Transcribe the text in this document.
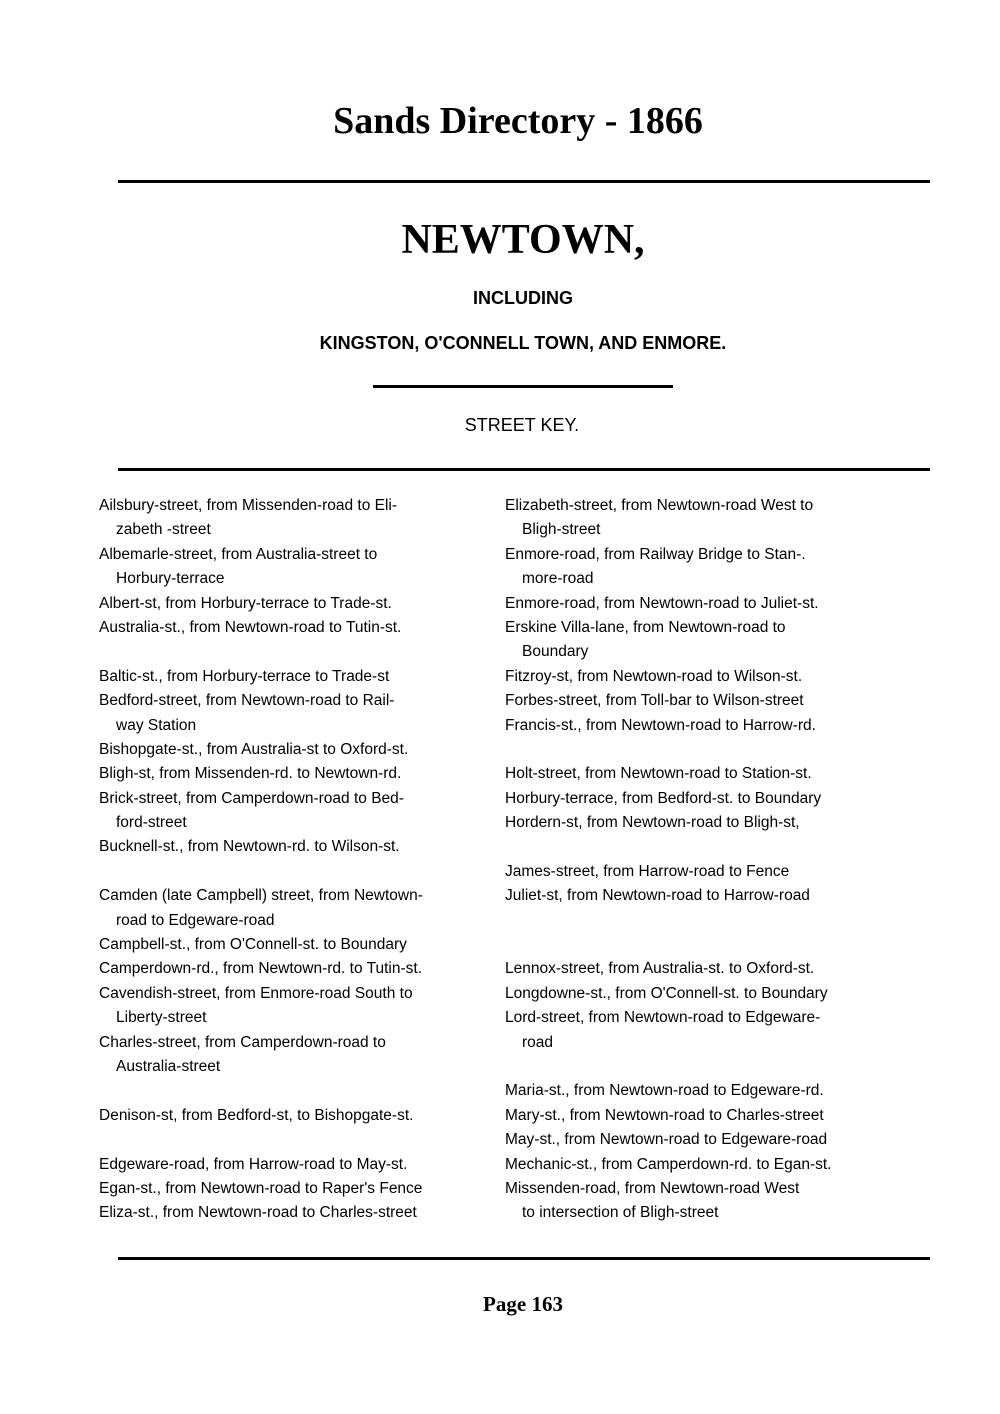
Sands Directory - 1866
NEWTOWN,
INCLUDING
KINGSTON, O'CONNELL TOWN, AND ENMORE.
STREET KEY.
Ailsbury-street, from Missenden-road to Eli-
zabeth -street
Albemarle-street, from Australia-street to
Horbury-terrace
Albert-st, from Horbury-terrace to Trade-st.
Australia-st., from Newtown-road to Tutin-st.
Baltic-st., from Horbury-terrace to Trade-st
Bedford-street, from Newtown-road to Rail-
way Station
Bishopgate-st., from Australia-st to Oxford-st.
Bligh-st, from Missenden-rd. to Newtown-rd.
Brick-street, from Camperdown-road to Bed-
ford-street
Bucknell-st., from Newtown-rd. to Wilson-st.
Camden (late Campbell) street, from Newtown-
road to Edgeware-road
Campbell-st., from O'Connell-st. to Boundary
Camperdown-rd., from Newtown-rd. to Tutin-st.
Cavendish-street, from Enmore-road South to
Liberty-street
Charles-street, from Camperdown-road to
Australia-street
Denison-st, from Bedford-st, to Bishopgate-st.
Edgeware-road, from Harrow-road to May-st.
Egan-st., from Newtown-road to Raper's Fence
Eliza-st., from Newtown-road to Charles-street
Elizabeth-street, from Newtown-road West to
Bligh-street
Enmore-road, from Railway Bridge to Stan-.
more-road
Enmore-road, from Newtown-road to Juliet-st.
Erskine Villa-lane, from Newtown-road to
Boundary
Fitzroy-st, from Newtown-road to Wilson-st.
Forbes-street, from Toll-bar to Wilson-street
Francis-st., from Newtown-road to Harrow-rd.
Holt-street, from Newtown-road to Station-st.
Horbury-terrace, from Bedford-st. to Boundary
Hordern-st, from Newtown-road to Bligh-st,
James-street, from Harrow-road to Fence
Juliet-st, from Newtown-road to Harrow-road
Lennox-street, from Australia-st. to Oxford-st.
Longdowne-st., from O'Connell-st. to Boundary
Lord-street, from Newtown-road to Edgeware-
road
Maria-st., from Newtown-road to Edgeware-rd.
Mary-st., from Newtown-road to Charles-street
May-st., from Newtown-road to Edgeware-road
Mechanic-st., from Camperdown-rd. to Egan-st.
Missenden-road, from Newtown-road West
to intersection of Bligh-street
Page 163
